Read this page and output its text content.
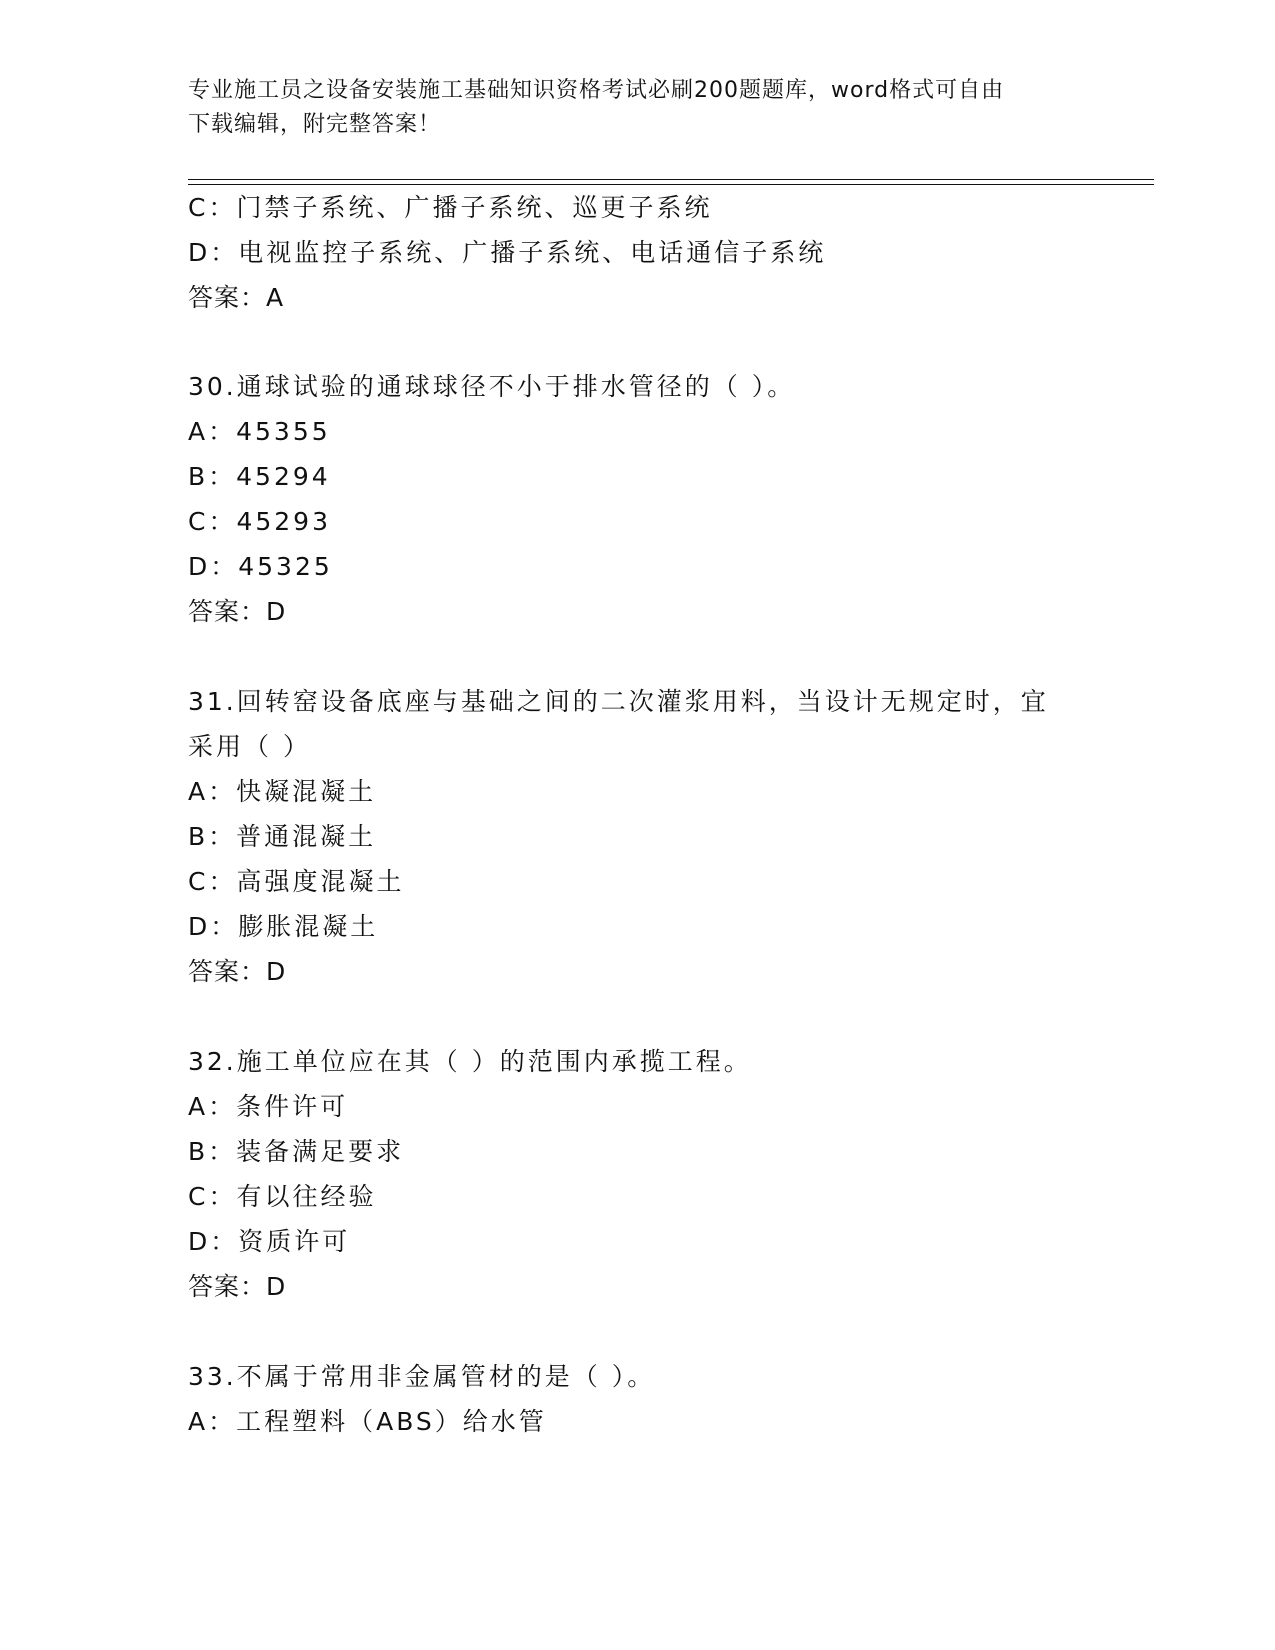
专业施工员之设备安装施工基础知识资格考试必刷200题题库，word格式可自由
下载编辑，附完整答案！
C：门禁子系统、广播子系统、巡更子系统
D：电视监控子系统、广播子系统、电话通信子系统
答案：A
30.通球试验的通球球径不小于排水管径的（ ）。
A：45355
B：45294
C：45293
D：45325
答案：D
31.回转窑设备底座与基础之间的二次灌浆用料，当设计无规定时，宜
采用（ ）
A：快凝混凝土
B：普通混凝土
C：高强度混凝土
D：膨胀混凝土
答案：D
32.施工单位应在其（ ）的范围内承揽工程。
A：条件许可
B：装备满足要求
C：有以往经验
D：资质许可
答案：D
33.不属于常用非金属管材的是（ ）。
A：工程塑料（ABS）给水管
